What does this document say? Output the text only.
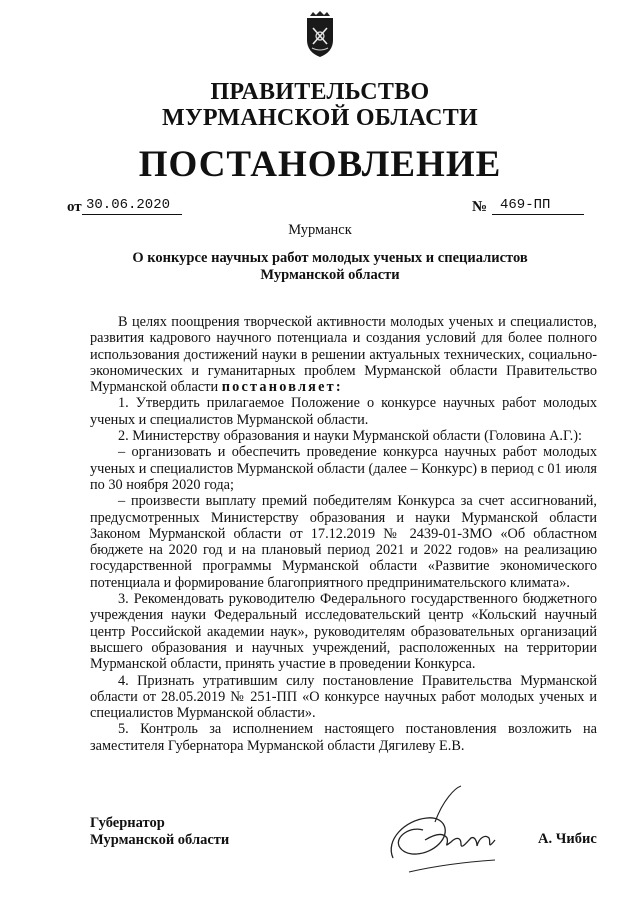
ПРАВИТЕЛЬСТВО
МУРМАНСКОЙ ОБЛАСТИ
ПОСТАНОВЛЕНИЕ
от 30.06.2020	№ 469-ПП
Мурманск
О конкурсе научных работ молодых ученых и специалистов
Мурманской области

В целях поощрения творческой активности молодых ученых и специалистов, развития кадрового научного потенциала и создания условий для более полного использования достижений науки в решении актуальных технических, социально-экономических и гуманитарных проблем Мурманской области Правительство Мурманской области постановляет:

1. Утвердить прилагаемое Положение о конкурсе научных работ молодых ученых и специалистов Мурманской области.

2. Министерству образования и науки Мурманской области (Головина А.Г.):

– организовать и обеспечить проведение конкурса научных работ молодых ученых и специалистов Мурманской области (далее – Конкурс) в период с 01 июля по 30 ноября 2020 года;

– произвести выплату премий победителям Конкурса за счет ассигнований, предусмотренных Министерству образования и науки Мурманской области Законом Мурманской области от 17.12.2019 № 2439-01-ЗМО «Об областном бюджете на 2020 год и на плановый период 2021 и 2022 годов» на реализацию государственной программы Мурманской области «Развитие экономического потенциала и формирование благоприятного предпринимательского климата».

3. Рекомендовать руководителю Федерального государственного бюджетного учреждения науки Федеральный исследовательский центр «Кольский научный центр Российской академии наук», руководителям образовательных организаций высшего образования и научных учреждений, расположенных на территории Мурманской области, принять участие в проведении Конкурса.

4. Признать утратившим силу постановление Правительства Мурманской области от 28.05.2019 № 251-ПП «О конкурсе научных работ молодых ученых и специалистов Мурманской области».

5. Контроль за исполнением настоящего постановления возложить на заместителя Губернатора Мурманской области Дягилеву Е.В.

Губернатор
Мурманской области	А. Чибис
